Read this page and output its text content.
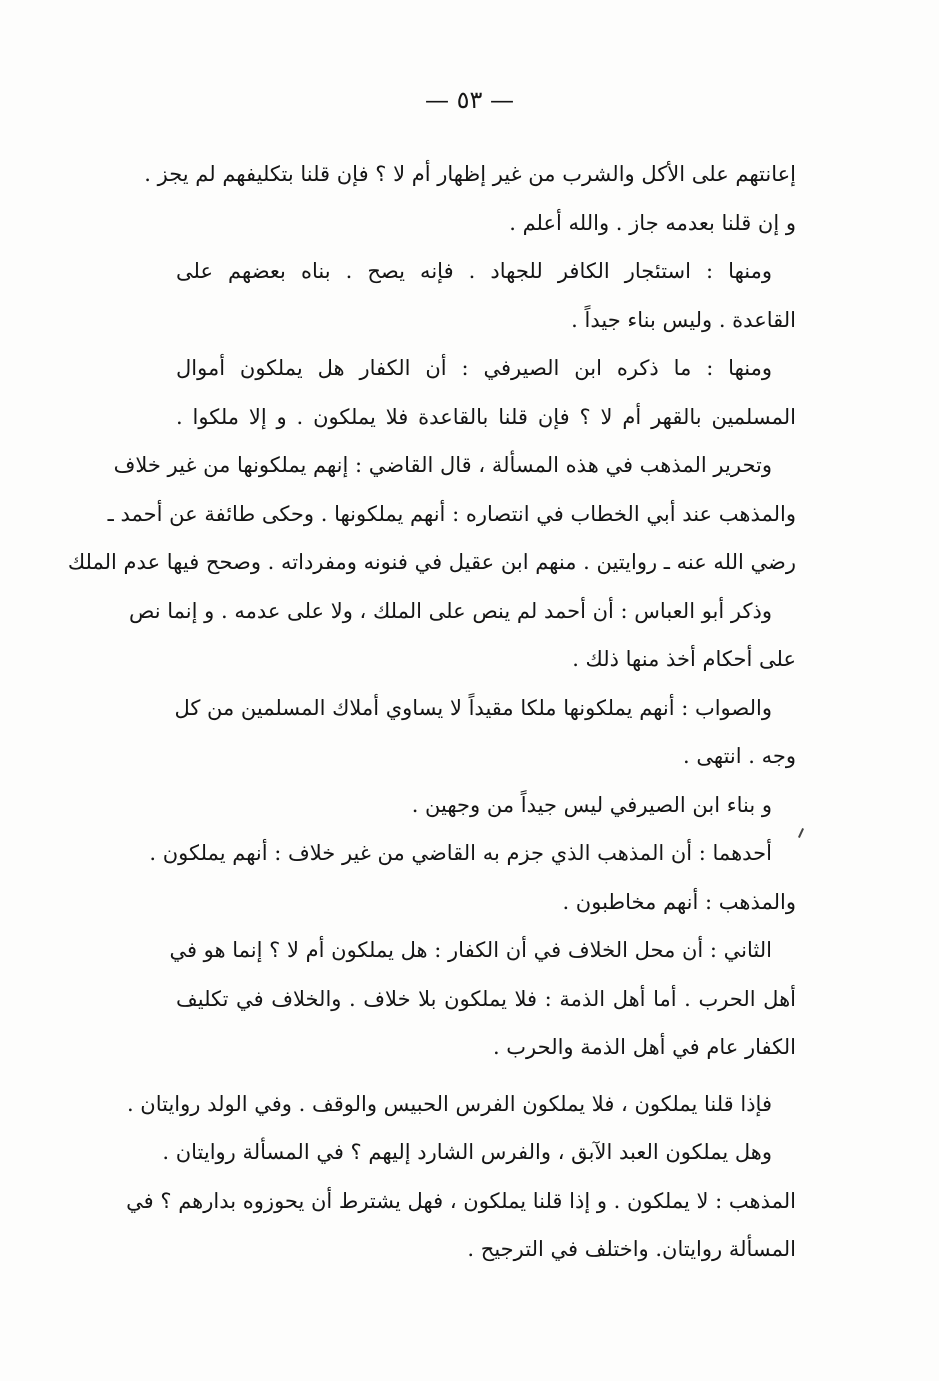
— ٥٣ —
إعانتهم على الأكل والشرب من غير إظهار أم لا ؟ فإن قلنا بتكليفهم لم يجز .
و إن قلنا بعدمه جاز . والله أعلم .
ومنها : استئجار الكافر للجهاد . فإنه يصح . بناه بعضهم على
القاعدة . وليس بناء جيداً .
ومنها : ما ذكره ابن الصيرفي : أن الكفار هل يملكون أموال
المسلمين بالقهر أم لا ؟ فإن قلنا بالقاعدة فلا يملكون . و إلا ملكوا .
وتحرير المذهب في هذه المسألة ، قال القاضي : إنهم يملكونها من غير خلاف
والمذهب عند أبي الخطاب في انتصاره : أنهم يملكونها . وحكى طائفة عن أحمد ـ
رضي الله عنه ـ روايتين . منهم ابن عقيل في فنونه ومفرداته . وصحح فيها عدم الملك
وذكر أبو العباس : أن أحمد لم ينص على الملك ، ولا على عدمه . و إنما نص
على أحكام أخذ منها ذلك .
والصواب : أنهم يملكونها ملكا مقيداً لا يساوي أملاك المسلمين من كل
وجه . انتهى .
و بناء ابن الصيرفي ليس جيداً من وجهين .
أحدهما : أن المذهب الذي جزم به القاضي من غير خلاف : أنهم يملكون .
والمذهب : أنهم مخاطبون .
الثاني : أن محل الخلاف في أن الكفار : هل يملكون أم لا ؟ إنما هو في
أهل الحرب . أما أهل الذمة : فلا يملكون بلا خلاف . والخلاف في تكليف
الكفار عام في أهل الذمة والحرب .
فإذا قلنا يملكون ، فلا يملكون الفرس الحبيس والوقف . وفي الولد روايتان .
وهل يملكون العبد الآبق ، والفرس الشارد إليهم ؟ في المسألة روايتان .
المذهب : لا يملكون . و إذا قلنا يملكون ، فهل يشترط أن يحوزوه بدارهم ؟ في
المسألة روايتان. واختلف في الترجيح .
